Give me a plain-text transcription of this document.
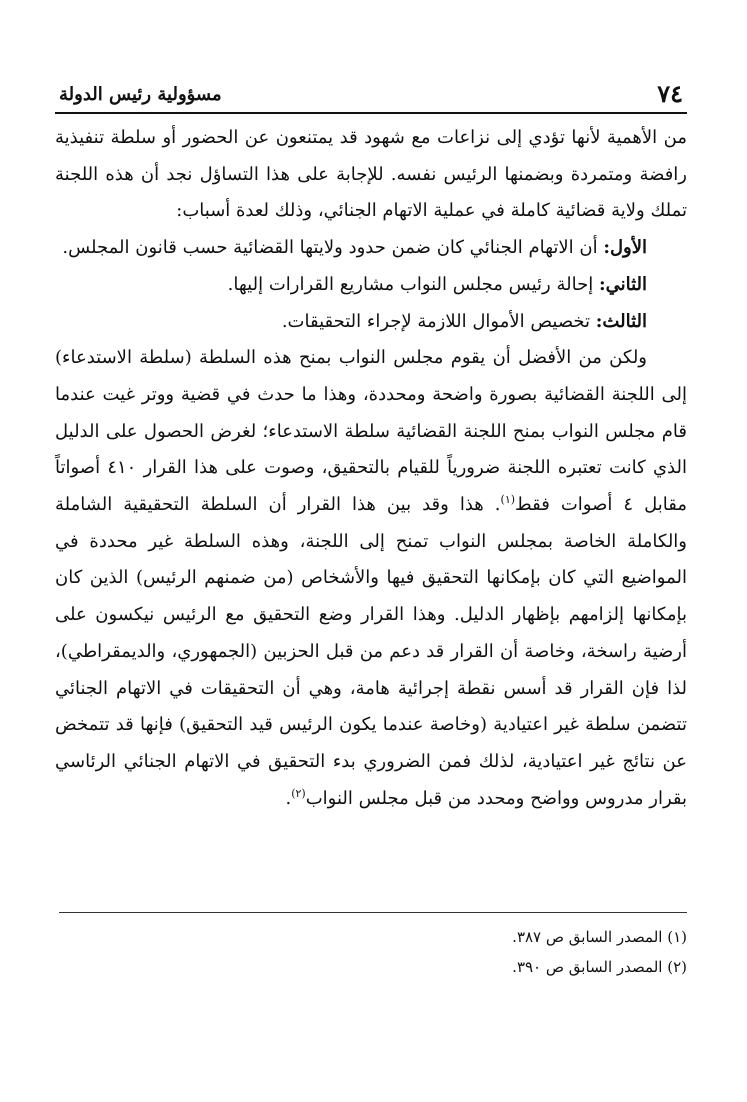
٧٤
مسؤولية رئيس الدولة

من الأهمية لأنها تؤدي إلى نزاعات مع شهود قد يمتنعون عن الحضور أو سلطة تنفيذية رافضة ومتمردة وبضمنها الرئيس نفسه. للإجابة على هذا التساؤل نجد أن هذه اللجنة تملك ولاية قضائية كاملة في عملية الاتهام الجنائي، وذلك لعدة أسباب:

الأول: أن الاتهام الجنائي كان ضمن حدود ولايتها القضائية حسب قانون المجلس.

الثاني: إحالة رئيس مجلس النواب مشاريع القرارات إليها.

الثالث: تخصيص الأموال اللازمة لإجراء التحقيقات.

ولكن من الأفضل أن يقوم مجلس النواب بمنح هذه السلطة (سلطة الاستدعاء) إلى اللجنة القضائية بصورة واضحة ومحددة، وهذا ما حدث في قضية ووتر غيت عندما قام مجلس النواب بمنح اللجنة القضائية سلطة الاستدعاء؛ لغرض الحصول على الدليل الذي كانت تعتبره اللجنة ضرورياً للقيام بالتحقيق، وصوت على هذا القرار ٤١٠ أصواتاً مقابل ٤ أصوات فقط$^{(١)}$. هذا وقد بين هذا القرار أن السلطة التحقيقية الشاملة والكاملة الخاصة بمجلس النواب تمنح إلى اللجنة، وهذه السلطة غير محددة في المواضيع التي كان بإمكانها التحقيق فيها والأشخاص (من ضمنهم الرئيس) الذين كان بإمكانها إلزامهم بإظهار الدليل. وهذا القرار وضع التحقيق مع الرئيس نيكسون على أرضية راسخة، وخاصة أن القرار قد دعم من قبل الحزبين (الجمهوري، والديمقراطي)، لذا فإن القرار قد أسس نقطة إجرائية هامة، وهي أن التحقيقات في الاتهام الجنائي تتضمن سلطة غير اعتيادية (وخاصة عندما يكون الرئيس قيد التحقيق) فإنها قد تتمخض عن نتائج غير اعتيادية، لذلك فمن الضروري بدء التحقيق في الاتهام الجنائي الرئاسي بقرار مدروس وواضح ومحدد من قبل مجلس النواب$^{(٢)}$.

(١) المصدر السابق ص ٣٨٧.

(٢) المصدر السابق ص ٣٩٠.
